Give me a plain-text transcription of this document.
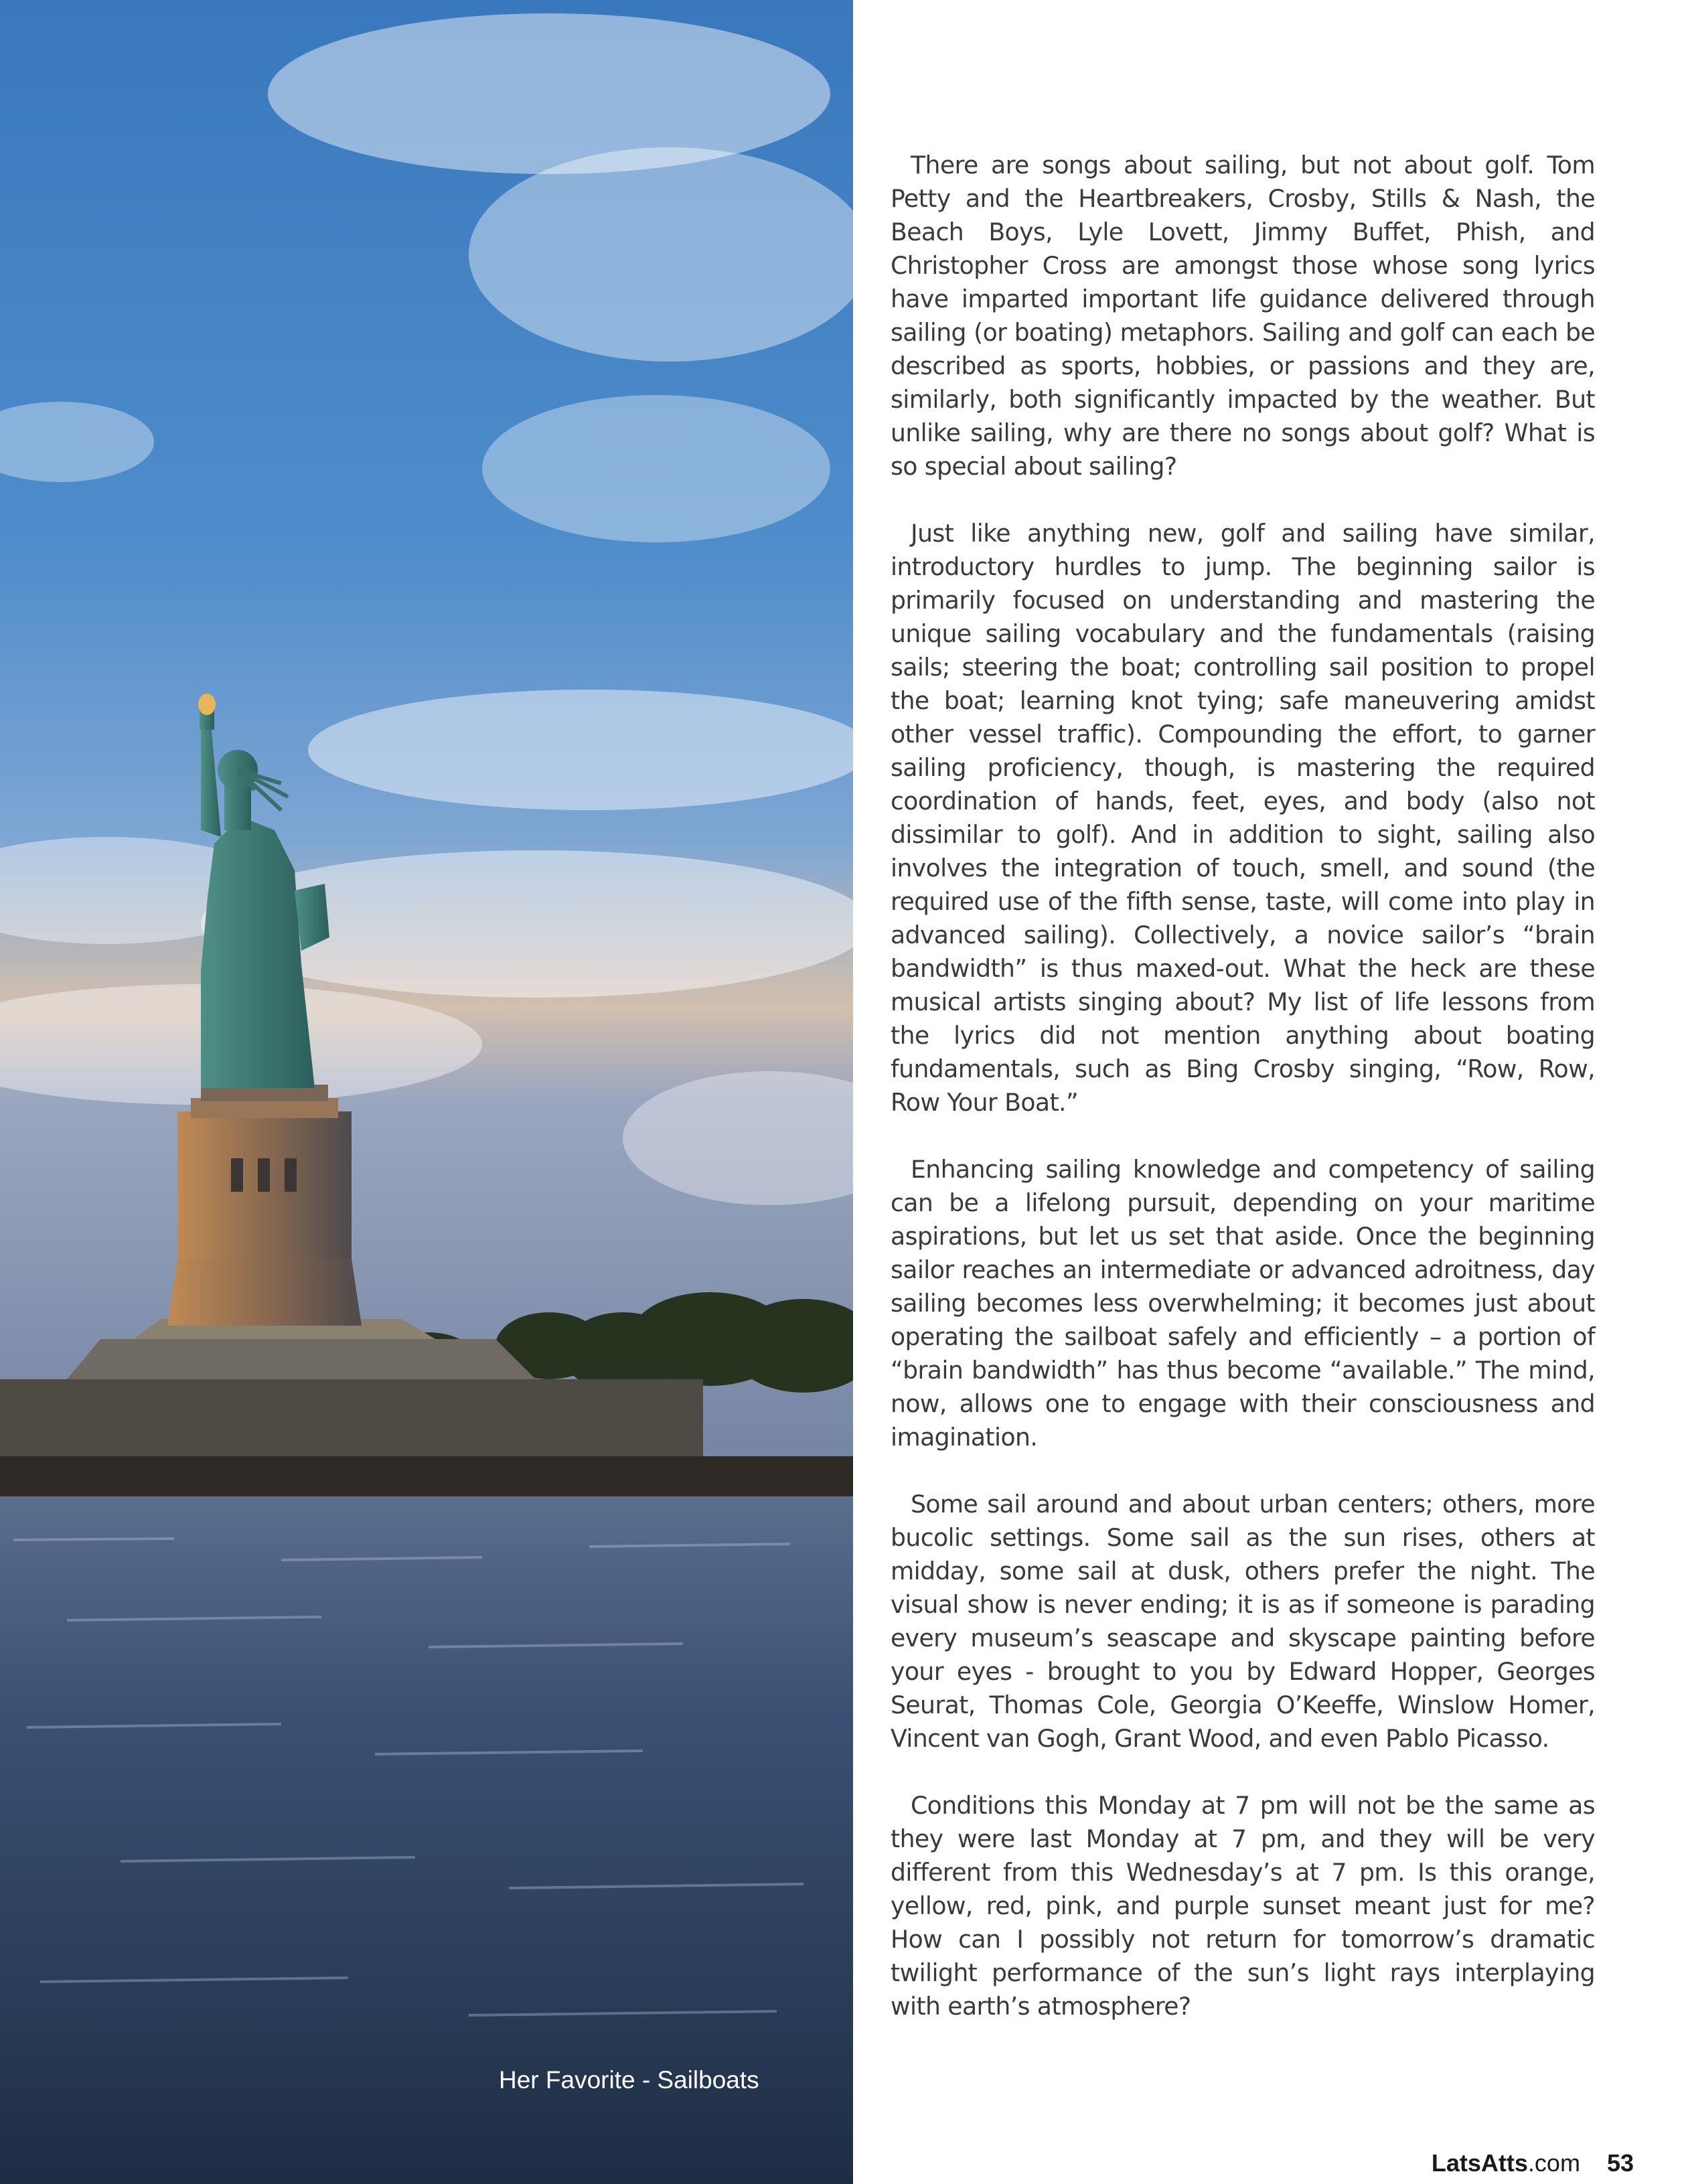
Her Favorite - Sailboats

There are songs about sailing, but not about golf. Tom Petty and the Heartbreakers, Crosby, Stills & Nash, the Beach Boys, Lyle Lovett, Jimmy Buffet, Phish, and Christopher Cross are amongst those whose song lyrics have imparted important life guidance delivered through sailing (or boating) metaphors. Sailing and golf can each be described as sports, hobbies, or passions and they are, similarly, both significantly impacted by the weather. But unlike sailing, why are there no songs about golf? What is so special about sailing?

Just like anything new, golf and sailing have similar, introductory hurdles to jump. The beginning sailor is primarily focused on understanding and mastering the unique sailing vocabulary and the fundamentals (raising sails; steering the boat; controlling sail position to propel the boat; learning knot tying; safe maneuvering amidst other vessel traffic). Compounding the effort, to garner sailing proficiency, though, is mastering the required coordination of hands, feet, eyes, and body (also not dissimilar to golf). And in addition to sight, sailing also involves the integration of touch, smell, and sound (the required use of the fifth sense, taste, will come into play in advanced sailing). Collectively, a novice sailor’s “brain bandwidth” is thus maxed-out. What the heck are these musical artists singing about? My list of life lessons from the lyrics did not mention anything about boating fundamentals, such as Bing Crosby singing, “Row, Row, Row Your Boat.”

Enhancing sailing knowledge and competency of sailing can be a lifelong pursuit, depending on your maritime aspirations, but let us set that aside. Once the beginning sailor reaches an intermediate or advanced adroitness, day sailing becomes less overwhelming; it becomes just about operating the sailboat safely and efficiently – a portion of “brain bandwidth” has thus become “available.” The mind, now, allows one to engage with their consciousness and imagination.

Some sail around and about urban centers; others, more bucolic settings. Some sail as the sun rises, others at midday, some sail at dusk, others prefer the night. The visual show is never ending; it is as if someone is parading every museum’s seascape and skyscape painting before your eyes - brought to you by Edward Hopper, Georges Seurat, Thomas Cole, Georgia O’Keeffe, Winslow Homer, Vincent van Gogh, Grant Wood, and even Pablo Picasso.

Conditions this Monday at 7 pm will not be the same as they were last Monday at 7 pm, and they will be very different from this Wednesday’s at 7 pm. Is this orange, yellow, red, pink, and purple sunset meant just for me? How can I possibly not return for tomorrow’s dramatic twilight performance of the sun’s light rays interplaying with earth’s atmosphere?

LatsAtts.com 53
